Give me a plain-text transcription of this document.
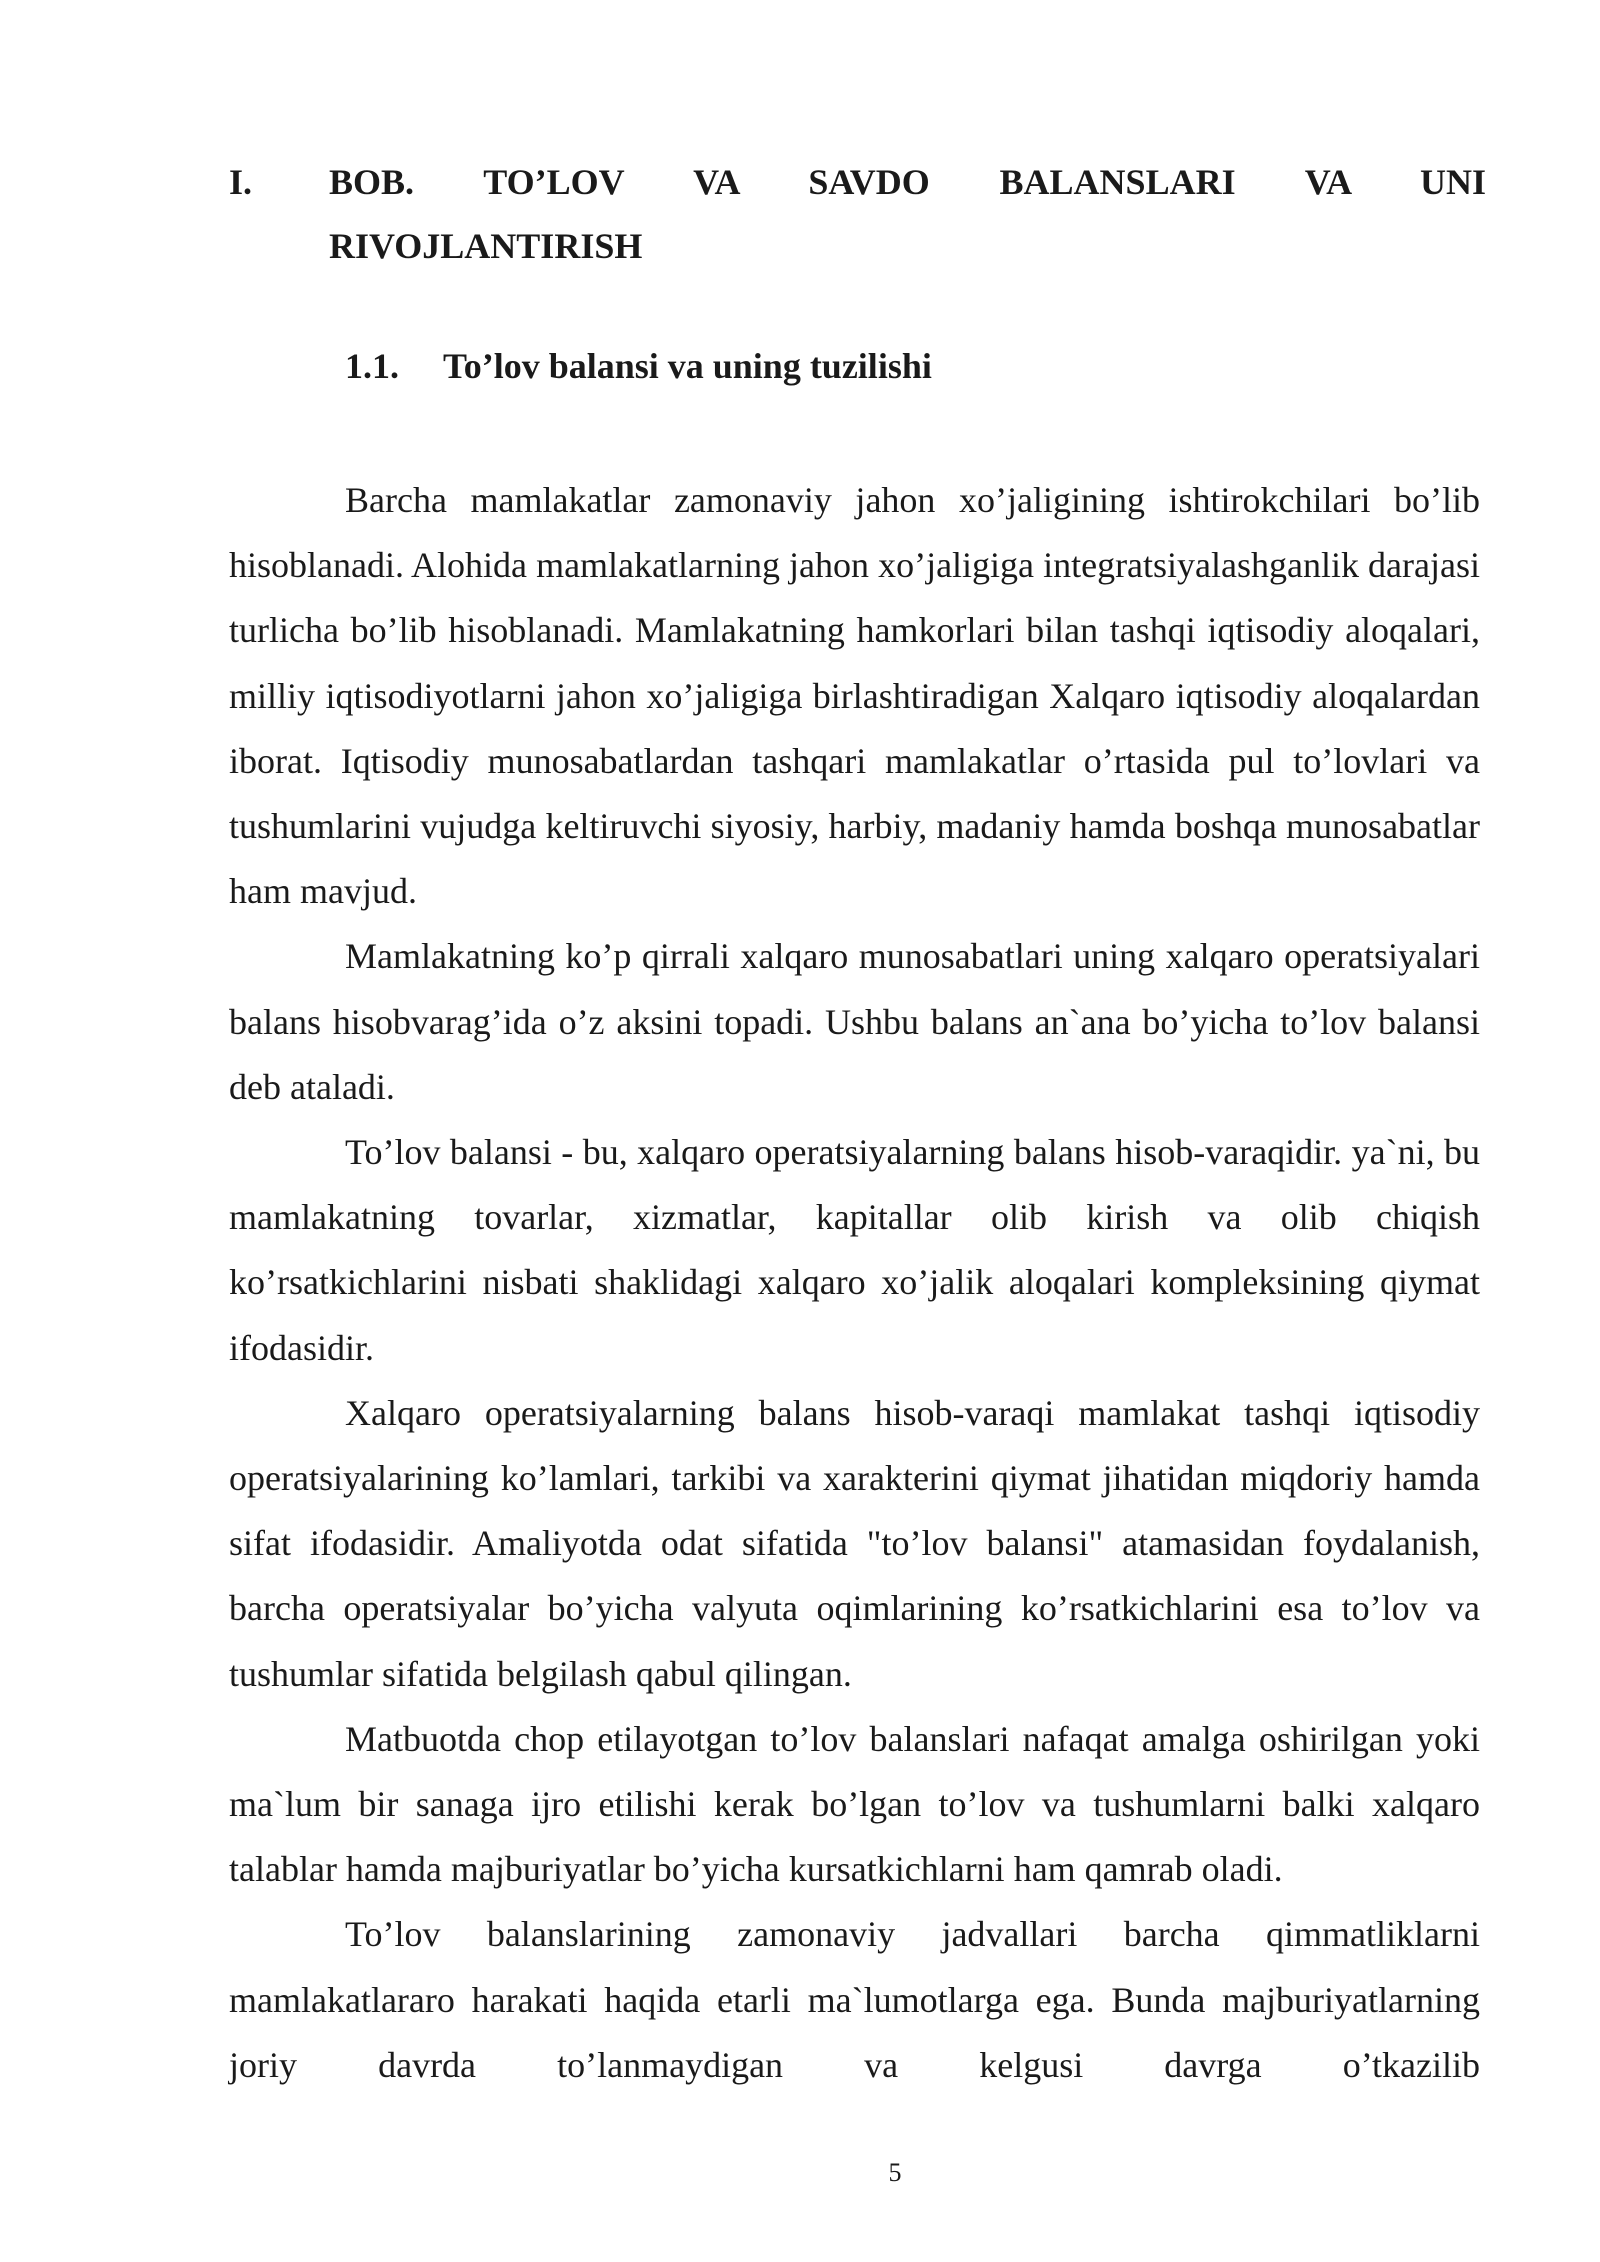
I. BOB. TO’LOV VA SAVDO BALANSLARI VA UNI
RIVOJLANTIRISH
1.1. To’lov balansi va uning tuzilishi

Barcha mamlakatlar zamonaviy jahon xo’jaligining ishtirokchilari bo’lib hisoblanadi. Alohida mamlakatlarning jahon xo’jaligiga integratsiyalashganlik darajasi turlicha bo’lib hisoblanadi. Mamlakatning hamkorlari bilan tashqi iqtisodiy aloqalari, milliy iqtisodiyotlarni jahon xo’jaligiga birlashtiradigan Xalqaro iqtisodiy aloqalardan iborat. Iqtisodiy munosabatlardan tashqari mamlakatlar o’rtasida pul to’lovlari va tushumlarini vujudga keltiruvchi siyosiy, harbiy, madaniy hamda boshqa munosabatlar ham mavjud.

Mamlakatning ko’p qirrali xalqaro munosabatlari uning xalqaro operatsiyalari balans hisobvarag’ida o’z aksini topadi. Ushbu balans an`ana bo’yicha to’lov balansi deb ataladi.

To’lov balansi - bu, xalqaro operatsiyalarning balans hisob-varaqidir. ya`ni, bu mamlakatning tovarlar, xizmatlar, kapitallar olib kirish va olib chiqish ko’rsatkichlarini nisbati shaklidagi xalqaro xo’jalik aloqalari kompleksining qiymat ifodasidir.

Xalqaro operatsiyalarning balans hisob-varaqi mamlakat tashqi iqtisodiy operatsiyalarining ko’lamlari, tarkibi va xarakterini qiymat jihatidan miqdoriy hamda sifat ifodasidir. Amaliyotda odat sifatida "to’lov balansi" atamasidan foydalanish, barcha operatsiyalar bo’yicha valyuta oqimlarining ko’rsatkichlarini esa to’lov va tushumlar sifatida belgilash qabul qilingan.

Matbuotda chop etilayotgan to’lov balanslari nafaqat amalga oshirilgan yoki ma`lum bir sanaga ijro etilishi kerak bo’lgan to’lov va tushumlarni balki xalqaro talablar hamda majburiyatlar bo’yicha kursatkichlarni ham qamrab oladi.

To’lov balanslarining zamonaviy jadvallari barcha qimmatliklarni mamlakatlararo harakati haqida etarli ma`lumotlarga ega. Bunda majburiyatlarning joriy davrda to’lanmaydigan va kelgusi davrga o’tkazilib

5
